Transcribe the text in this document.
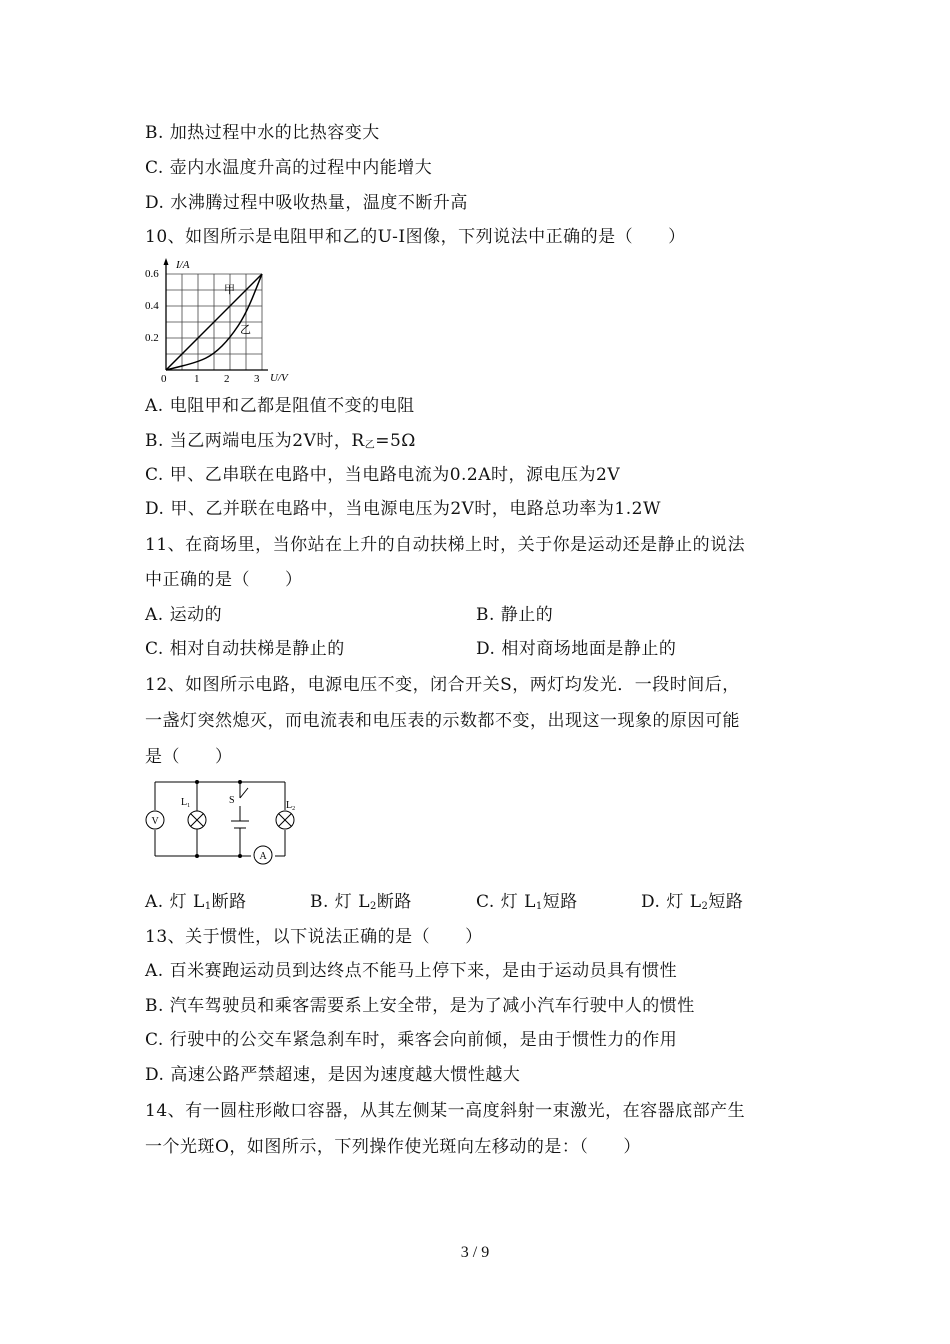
B. 加热过程中水的比热容变大
C. 壶内水温度升高的过程中内能增大
D. 水沸腾过程中吸收热量，温度不断升高
10、如图所示是电阻甲和乙的U-I图像，下列说法中正确的是（　　）
I/A
U/V
0	1 2 3
0.6
0.4
0.2
甲
乙
A. 电阻甲和乙都是阻值不变的电阻
B. 当乙两端电压为2V时，$R_乙=5\Omega$
C. 甲、乙串联在电路中，当电路电流为0.2A时，源电压为2V
D. 甲、乙并联在电路中，当电源电压为2V时，电路总功率为1.2W
11、在商场里，当你站在上升的自动扶梯上时，关于你是运动还是静止的说法
中正确的是（　　）
A. 运动的	B. 静止的
C. 相对自动扶梯是静止的	D. 相对商场地面是静止的
12、如图所示电路，电源电压不变，闭合开关S，两灯均发光．一段时间后，
一盏灯突然熄灭，而电流表和电压表的示数都不变，出现这一现象的原因可能
是（　　）
V
$L_1$	S	$L_2$
A
A. 灯 $L_1$断路	B. 灯 $L_2$断路	C. 灯 $L_1$短路	D. 灯 $L_2$短路
13、关于惯性，以下说法正确的是（　　）
A. 百米赛跑运动员到达终点不能马上停下来，是由于运动员具有惯性
B. 汽车驾驶员和乘客需要系上安全带，是为了减小汽车行驶中人的惯性
C. 行驶中的公交车紧急刹车时，乘客会向前倾，是由于惯性力的作用
D. 高速公路严禁超速，是因为速度越大惯性越大
14、有一圆柱形敞口容器，从其左侧某一高度斜射一束激光，在容器底部产生
一个光斑O，如图所示，下列操作使光斑向左移动的是：（　　）
3 / 9
